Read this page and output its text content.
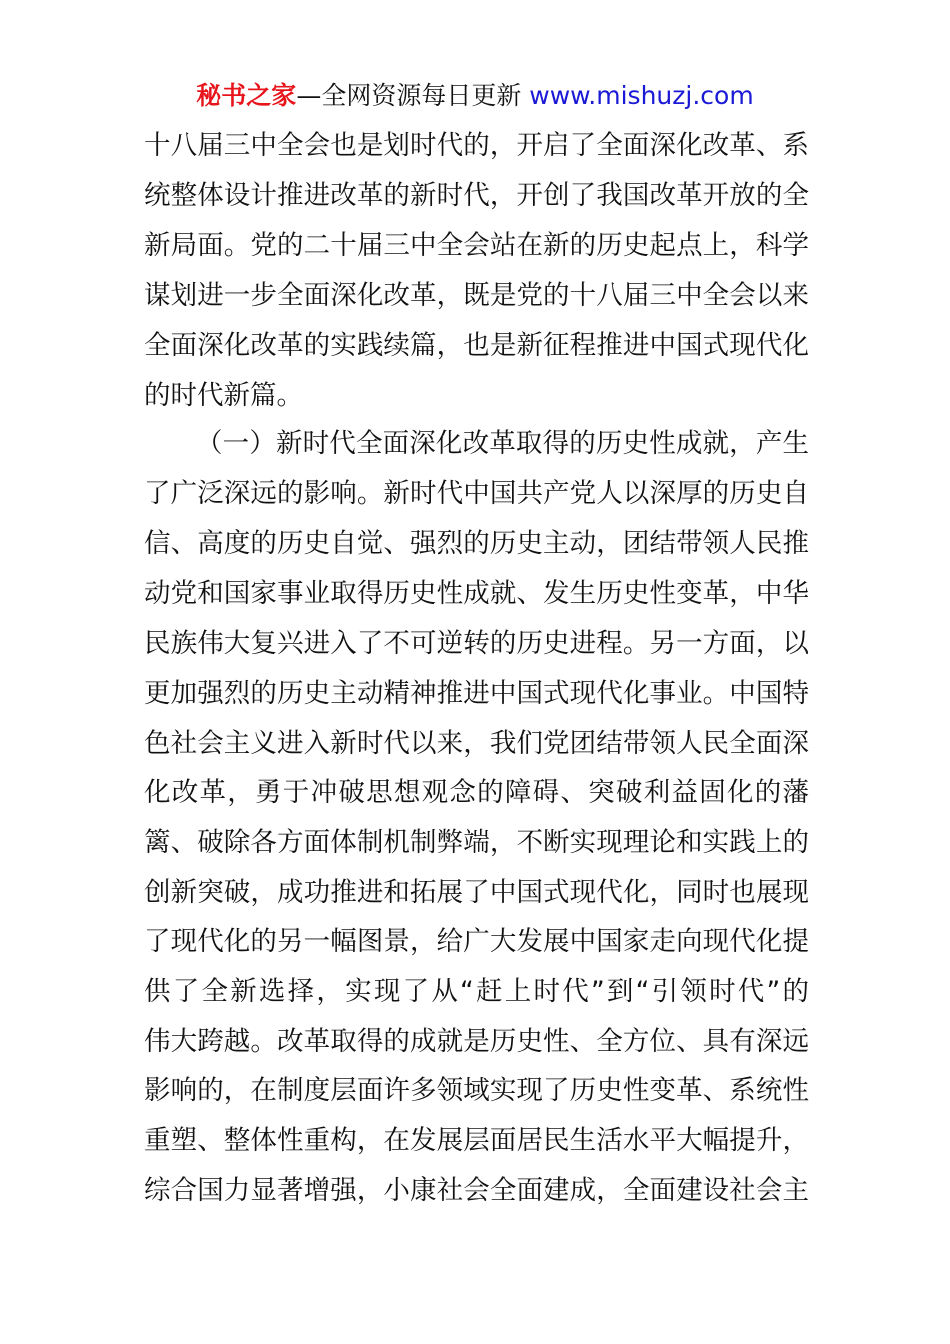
秘书之家—全网资源每日更新 www.mishuzj.com
十八届三中全会也是划时代的，开启了全面深化改革、系
统整体设计推进改革的新时代，开创了我国改革开放的全
新局面。党的二十届三中全会站在新的历史起点上，科学
谋划进一步全面深化改革，既是党的十八届三中全会以来
全面深化改革的实践续篇，也是新征程推进中国式现代化
的时代新篇。
（一）新时代全面深化改革取得的历史性成就，产生
了广泛深远的影响。新时代中国共产党人以深厚的历史自
信、高度的历史自觉、强烈的历史主动，团结带领人民推
动党和国家事业取得历史性成就、发生历史性变革，中华
民族伟大复兴进入了不可逆转的历史进程。另一方面，以
更加强烈的历史主动精神推进中国式现代化事业。中国特
色社会主义进入新时代以来，我们党团结带领人民全面深
化改革，勇于冲破思想观念的障碍、突破利益固化的藩
篱、破除各方面体制机制弊端，不断实现理论和实践上的
创新突破，成功推进和拓展了中国式现代化，同时也展现
了现代化的另一幅图景，给广大发展中国家走向现代化提
供了全新选择，实现了从“赶上时代”到“引领时代”的
伟大跨越。改革取得的成就是历史性、全方位、具有深远
影响的，在制度层面许多领域实现了历史性变革、系统性
重塑、整体性重构，在发展层面居民生活水平大幅提升，
综合国力显著增强，小康社会全面建成，全面建设社会主
